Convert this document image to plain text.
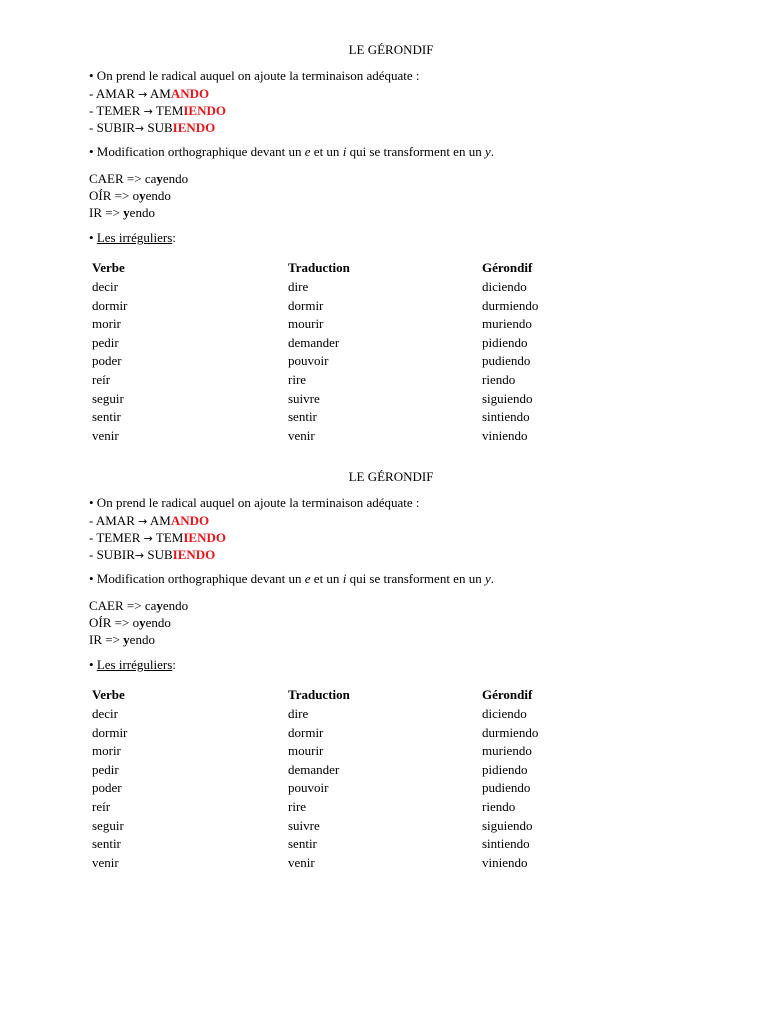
LE GÉRONDIF
• On prend le radical auquel on ajoute la terminaison adéquate :
- AMAR → AMANDO
- TEMER → TEMIENDO
- SUBIR→ SUBIENDO
• Modification orthographique devant un e et un i qui se transforment en un y.
CAER => cayendo
OÍR => oyendo
IR => yendo
• Les irréguliers:
Verbe	Traduction	Gérondif
decir	dire	diciendo
dormir	dormir	durmiendo
morir	mourir	muriendo
pedir	demander	pidiendo
poder	pouvoir	pudiendo
reír	rire	riendo
seguir	suivre	siguiendo
sentir	sentir	sintiendo
venir	venir	viniendo
LE GÉRONDIF
• On prend le radical auquel on ajoute la terminaison adéquate :
- AMAR → AMANDO
- TEMER → TEMIENDO
- SUBIR→ SUBIENDO
• Modification orthographique devant un e et un i qui se transforment en un y.
CAER => cayendo
OÍR => oyendo
IR => yendo
• Les irréguliers:
Verbe	Traduction	Gérondif
decir	dire	diciendo
dormir	dormir	durmiendo
morir	mourir	muriendo
pedir	demander	pidiendo
poder	pouvoir	pudiendo
reír	rire	riendo
seguir	suivre	siguiendo
sentir	sentir	sintiendo
venir	venir	viniendo
